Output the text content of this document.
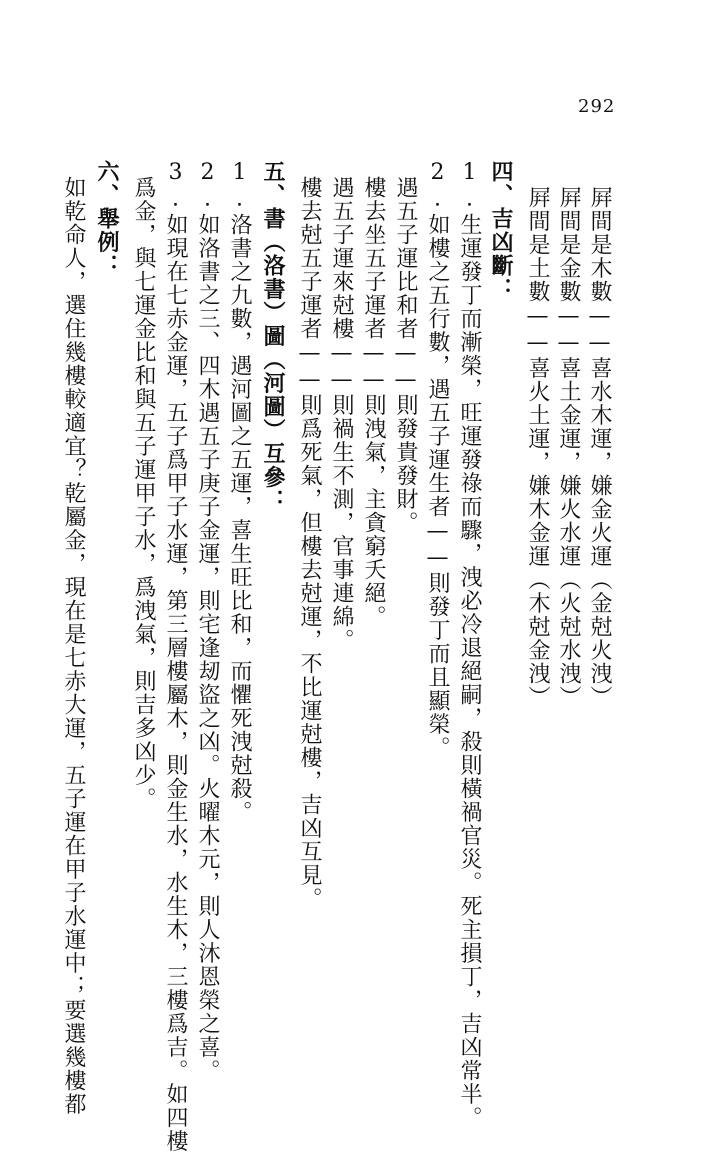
292
屛間是木數——喜水木運，嫌金火運（金尅火洩）
屛間是金數——喜土金運，嫌火水運（火尅水洩）
屛間是土數——喜火土運，嫌木金運（木尅金洩）
四、吉凶斷：
1.生運發丁而漸榮，旺運發祿而驟，洩必冷退絕嗣，殺則橫禍官災。死主損丁，吉凶常半。
2.如樓之五行數，遇五子運生者——則發丁而且顯榮。
遇五子運比和者——則發貴發財。
樓去坐五子運者——則洩氣，主貪窮夭絕。
遇五子運來尅樓——則禍生不測，官事連綿。
樓去尅五子運者——則爲死氣，但樓去尅運，不比運尅樓，吉凶互見。
五、書（洛書）圖（河圖）互參：
1.洛書之九數，遇河圖之五運，喜生旺比和，而懼死洩尅殺。
2.如洛書之三、四木遇五子庚子金運，則宅逢刼盜之凶。火曜木元，則人沐恩榮之喜。
3.如現在七赤金運，五子爲甲子水運，第三層樓屬木，則金生水，水生木，三樓爲吉。如四樓
爲金，與七運金比和與五子運甲子水，爲洩氣，則吉多凶少。
六、舉例：
如乾命人，選住幾樓較適宜？乾屬金，現在是七赤大運，五子運在甲子水運中；要選幾樓都
